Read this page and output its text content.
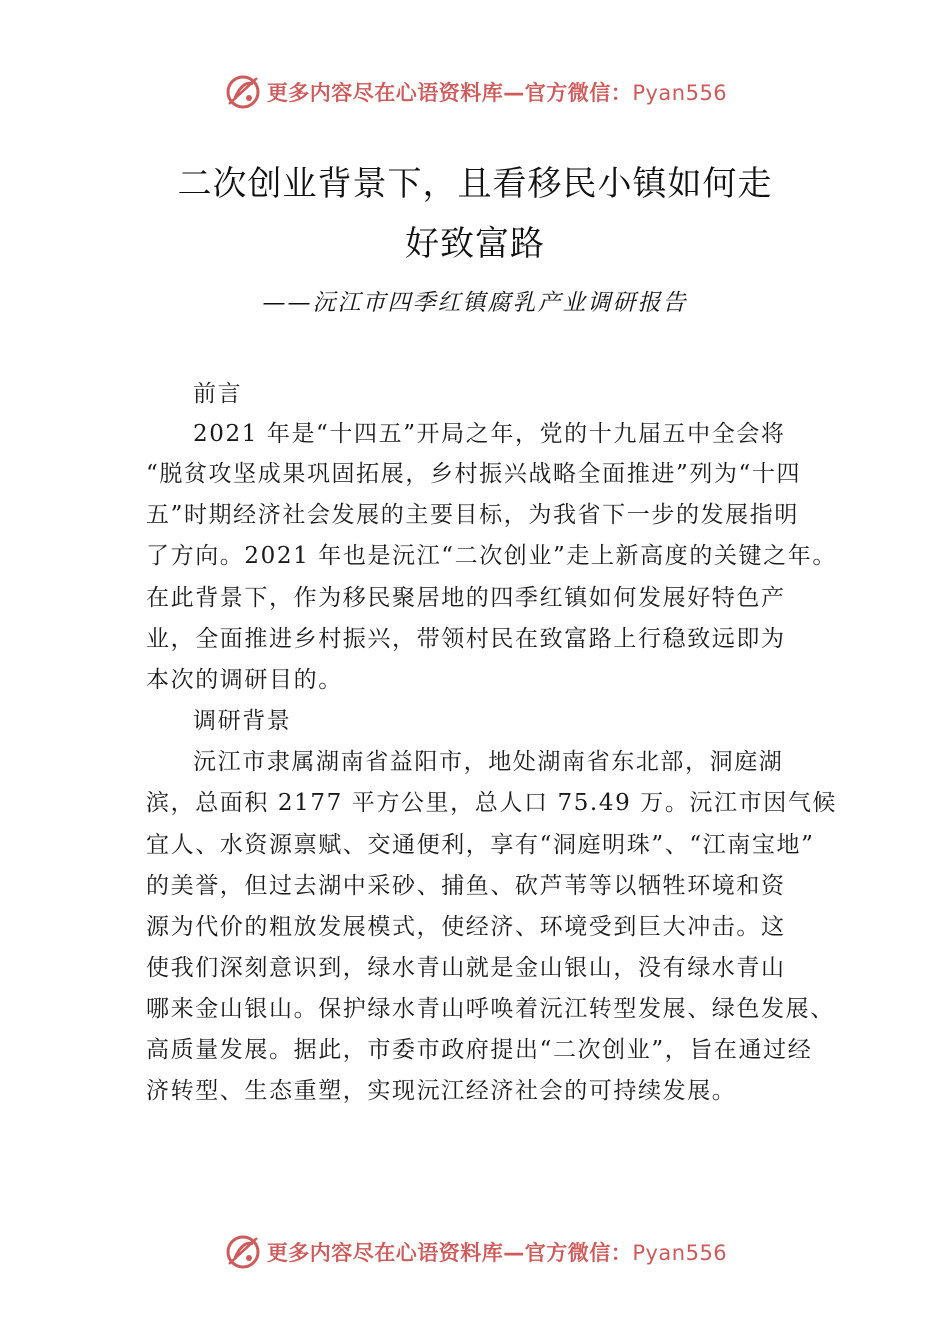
更多内容尽在心语资料库—官方微信：Pyan556
二次创业背景下，且看移民小镇如何走
好致富路
——沅江市四季红镇腐乳产业调研报告
前言
2021 年是“十四五”开局之年，党的十九届五中全会将
“脱贫攻坚成果巩固拓展，乡村振兴战略全面推进”列为“十四
五”时期经济社会发展的主要目标，为我省下一步的发展指明
了方向。2021 年也是沅江“二次创业”走上新高度的关键之年。
在此背景下，作为移民聚居地的四季红镇如何发展好特色产
业，全面推进乡村振兴，带领村民在致富路上行稳致远即为
本次的调研目的。
调研背景
沅江市隶属湖南省益阳市，地处湖南省东北部，洞庭湖
滨，总面积 2177 平方公里，总人口 75.49 万。沅江市因气候
宜人、水资源禀赋、交通便利，享有“洞庭明珠”、“江南宝地”
的美誉，但过去湖中采砂、捕鱼、砍芦苇等以牺牲环境和资
源为代价的粗放发展模式，使经济、环境受到巨大冲击。这
使我们深刻意识到，绿水青山就是金山银山，没有绿水青山
哪来金山银山。保护绿水青山呼唤着沅江转型发展、绿色发展、
高质量发展。据此，市委市政府提出“二次创业”，旨在通过经
济转型、生态重塑，实现沅江经济社会的可持续发展。
更多内容尽在心语资料库—官方微信：Pyan556
